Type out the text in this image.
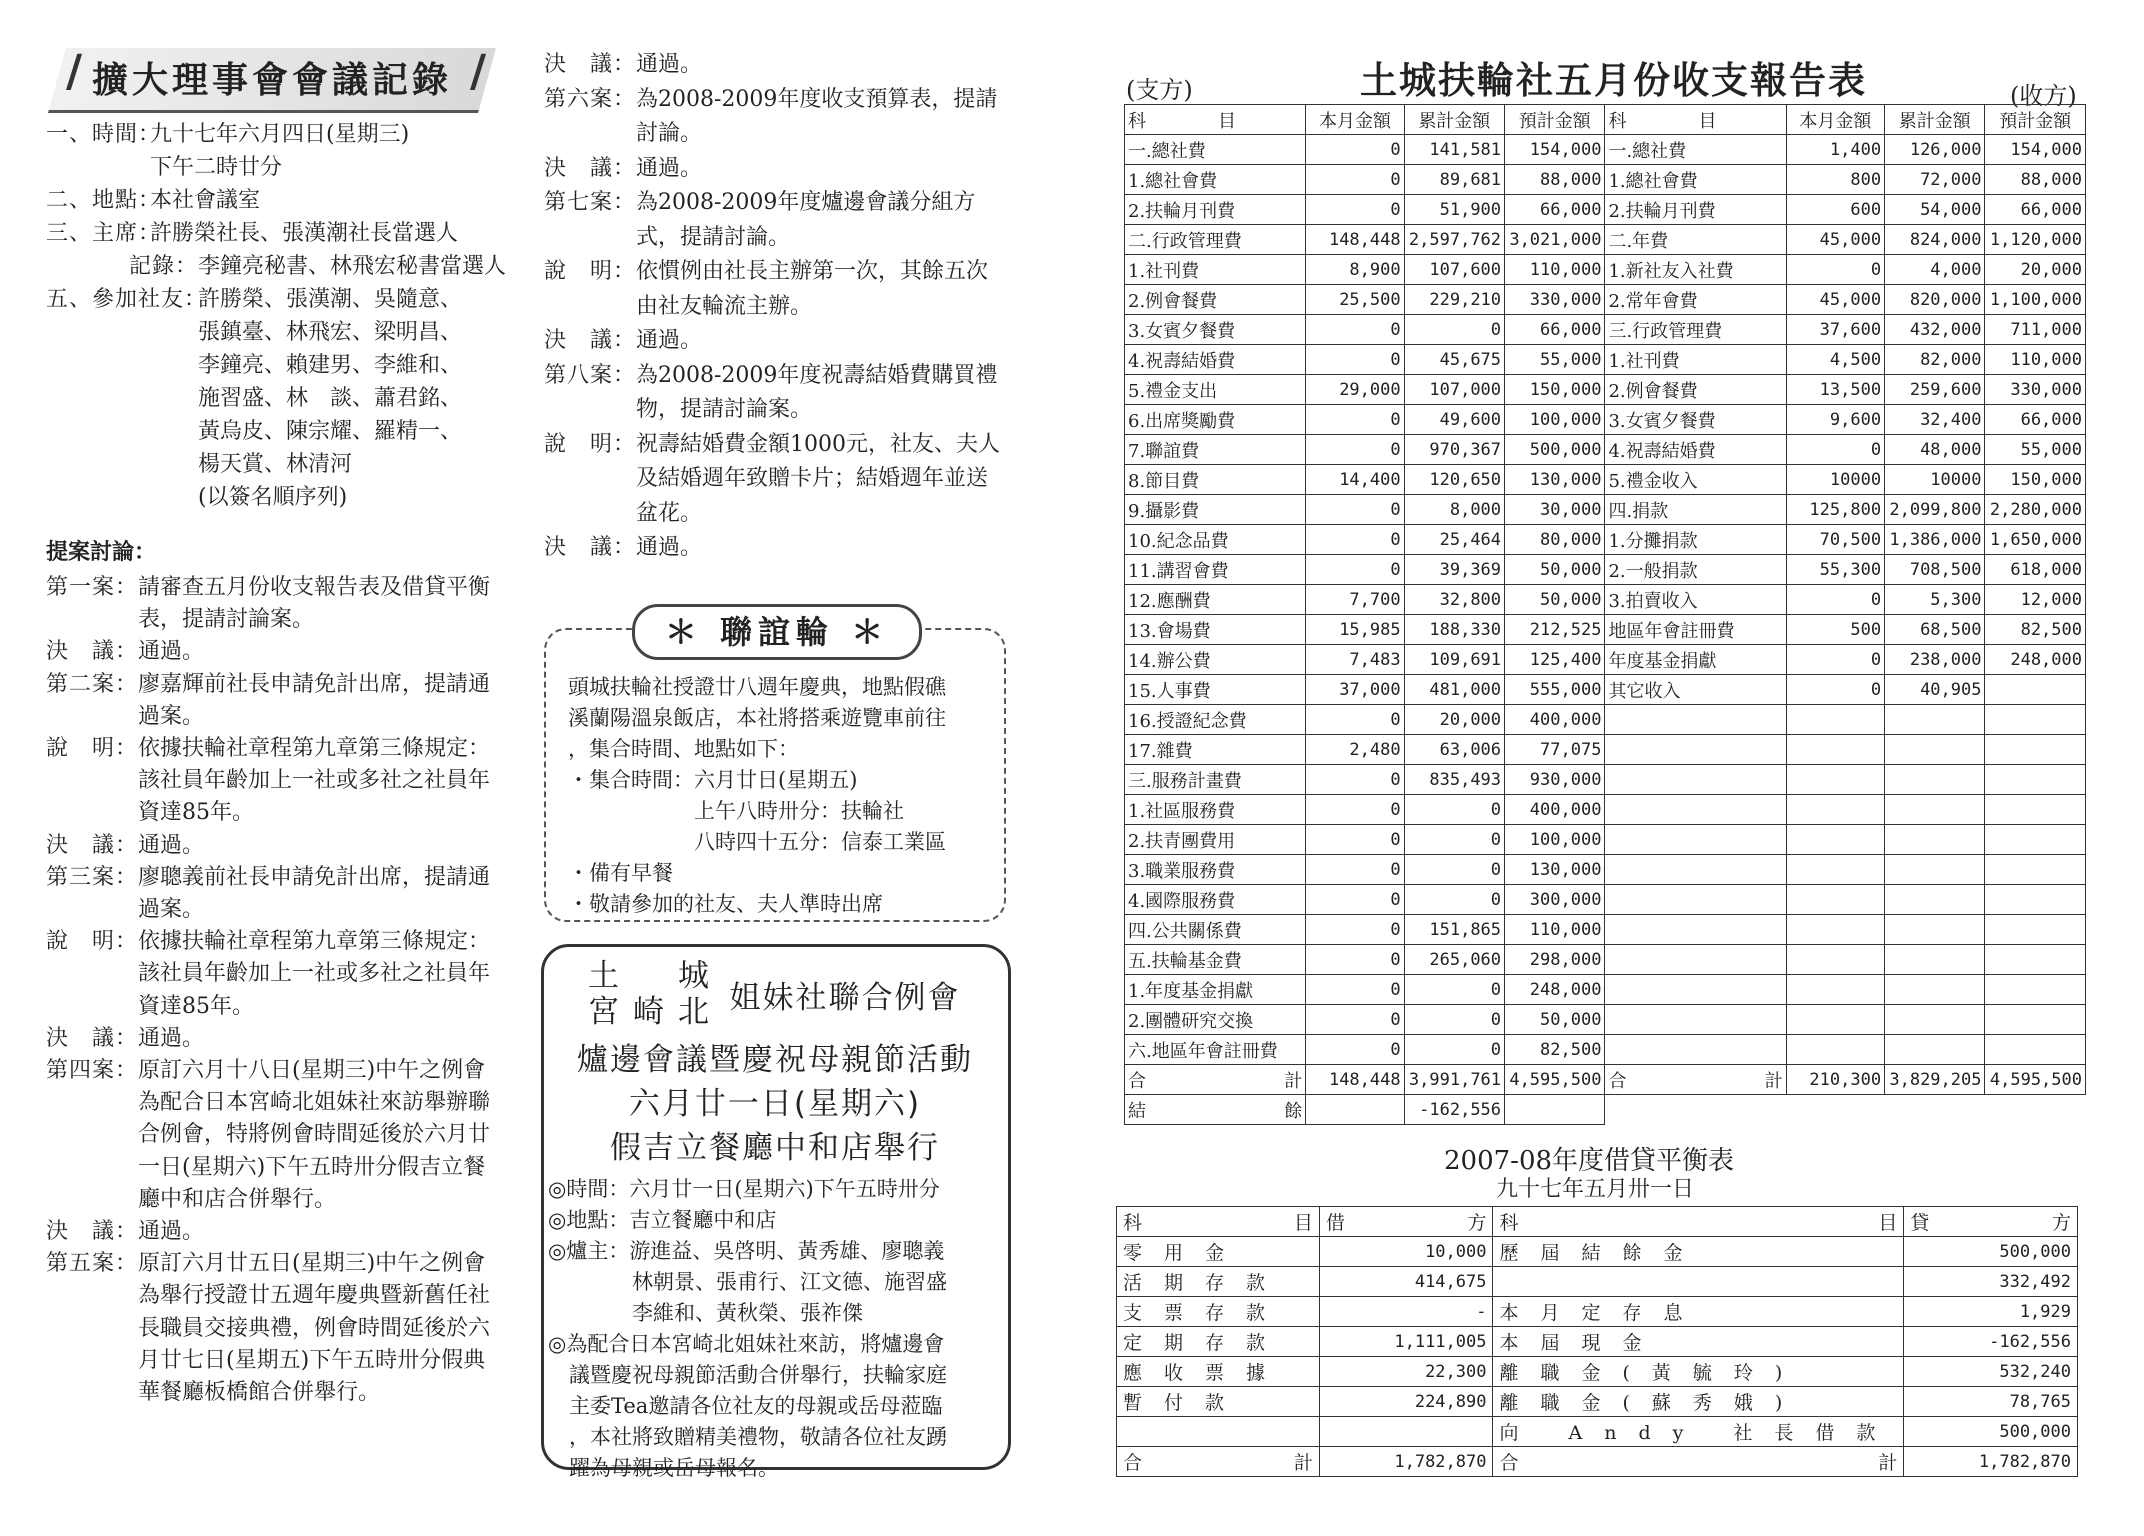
/	/
擴大理事會會議記錄
一、時間：九十七年六月四日(星期三)
下午二時廿分
二、地點：本社會議室
三、主席：許勝榮社長、張漢潮社長當選人
記錄：李鐘亮秘書、林飛宏秘書當選人
五、參加社友：許勝榮、張漢潮、吳隨意、
張鎮臺、林飛宏、梁明昌、
李鐘亮、賴建男、李維和、
施習盛、林　談、蕭君銘、
黃烏皮、陳宗耀、羅精一、
楊天賞、林清河
(以簽名順序列)
提案討論：
第一案：請審查五月份收支報告表及借貸平衡
表，提請討論案。
決　議：通過。
第二案：廖嘉輝前社長申請免計出席，提請通
過案。
說　明：依據扶輪社章程第九章第三條規定：
該社員年齡加上一社或多社之社員年
資達85年。
決　議：通過。
第三案：廖聰義前社長申請免計出席，提請通
過案。
說　明：依據扶輪社章程第九章第三條規定：
該社員年齡加上一社或多社之社員年
資達85年。
決　議：通過。
第四案：原訂六月十八日(星期三)中午之例會
為配合日本宮崎北姐妹社來訪舉辦聯
合例會，特將例會時間延後於六月廿
一日(星期六)下午五時卅分假吉立餐
廳中和店合併舉行。
決　議：通過。
第五案：原訂六月廿五日(星期三)中午之例會
為舉行授證廿五週年慶典暨新舊任社
長職員交接典禮，例會時間延後於六
月廿七日(星期五)下午五時卅分假典
華餐廳板橋館合併舉行。
決　議：通過。
第六案：為2008-2009年度收支預算表，提請
討論。
決　議：通過。
第七案：為2008-2009年度爐邊會議分組方
式，提請討論。
說　明：依慣例由社長主辦第一次，其餘五次
由社友輪流主辦。
決　議：通過。
第八案：為2008-2009年度祝壽結婚費購買禮
物，提請討論案。
說　明：祝壽結婚費金額1000元，社友、夫人
及結婚週年致贈卡片；結婚週年並送
盆花。
決　議：通過。
＊ 聯誼輪 ＊
頭城扶輪社授證廿八週年慶典，地點假礁
溪蘭陽溫泉飯店，本社將搭乘遊覽車前往
，集合時間、地點如下：
・集合時間：六月廿日(星期五)
　　　　　　上午八時卅分：扶輪社
　　　　　　八時四十五分：信泰工業區
・備有早餐
・敬請參加的社友、夫人準時出席
土　城
宮崎北 姐妹社聯合例會
爐邊會議暨慶祝母親節活動
六月廿一日(星期六)
假吉立餐廳中和店舉行
◎時間：六月廿一日(星期六)下午五時卅分
◎地點：吉立餐廳中和店
◎爐主：游進益、吳啓明、黃秀雄、廖聰義
　　　　林朝景、張甫行、江文德、施習盛
　　　　李維和、黃秋榮、張祚傑
◎為配合日本宮崎北姐妹社來訪，將爐邊會
　議暨慶祝母親節活動合併舉行，扶輪家庭
　主委Tea邀請各位社友的母親或岳母蒞臨
　，本社將致贈精美禮物，敬請各位社友踴
　躍為母親或岳母報名。
(支方)	土城扶輪社五月份收支報告表	(收方)
科　　　　目	本月金額	累計金額	預計金額	科　　　　目	本月金額	累計金額	預計金額
一.總社費	0	141,581	154,000	一.總社費	1,400	126,000	154,000
1.總社會費	0	89,681	88,000	1.總社會費	800	72,000	88,000
2.扶輪月刊費	0	51,900	66,000	2.扶輪月刊費	600	54,000	66,000
二.行政管理費	148,448	2,597,762	3,021,000	二.年費	45,000	824,000	1,120,000
1.社刊費	8,900	107,600	110,000	1.新社友入社費	0	4,000	20,000
2.例會餐費	25,500	229,210	330,000	2.常年會費	45,000	820,000	1,100,000
3.女賓夕餐費	0	0	66,000	三.行政管理費	37,600	432,000	711,000
4.祝壽結婚費	0	45,675	55,000	1.社刊費	4,500	82,000	110,000
5.禮金支出	29,000	107,000	150,000	2.例會餐費	13,500	259,600	330,000
6.出席獎勵費	0	49,600	100,000	3.女賓夕餐費	9,600	32,400	66,000
7.聯誼費	0	970,367	500,000	4.祝壽結婚費	0	48,000	55,000
8.節目費	14,400	120,650	130,000	5.禮金收入	10000	10000	150,000
9.攝影費	0	8,000	30,000	四.捐款	125,800	2,099,800	2,280,000
10.紀念品費	0	25,464	80,000	1.分攤捐款	70,500	1,386,000	1,650,000
11.講習會費	0	39,369	50,000	2.一般捐款	55,300	708,500	618,000
12.應酬費	7,700	32,800	50,000	3.拍賣收入	0	5,300	12,000
13.會場費	15,985	188,330	212,525	地區年會註冊費	500	68,500	82,500
14.辦公費	7,483	109,691	125,400	年度基金捐獻	0	238,000	248,000
15.人事費	37,000	481,000	555,000	其它收入	0	40,905	
16.授證紀念費	0	20,000	400,000				
17.雜費	2,480	63,006	77,075				
三.服務計畫費	0	835,493	930,000				
1.社區服務費	0	0	400,000				
2.扶青團費用	0	0	100,000				
3.職業服務費	0	0	130,000				
4.國際服務費	0	0	300,000				
四.公共關係費	0	151,865	110,000				
五.扶輪基金費	0	265,060	298,000				
1.年度基金捐獻	0	0	248,000				
2.團體研究交換	0	0	50,000				
六.地區年會註冊費	0	0	82,500				
合 計	148,448	3,991,761	4,595,500	合 計	210,300	3,829,205	4,595,500
結 餘		-162,556					
2007-08年度借貸平衡表
九十七年五月卅一日
科 目	借 方	科 目	貸 方

零用金	10,000	歷屆結餘金	500,000
活期存款	414,675		332,492
支票存款	-	本月定存息	1,929
定期存款	1,111,005	本屆現金	-162,556
應收票據	22,300	離職金(黃毓玲)	532,240
暫付款	224,890	離職金(蘇秀娥)	78,765
		向 Andy 社長借款	500,000
合 計	1,782,870	合 計	1,782,870
